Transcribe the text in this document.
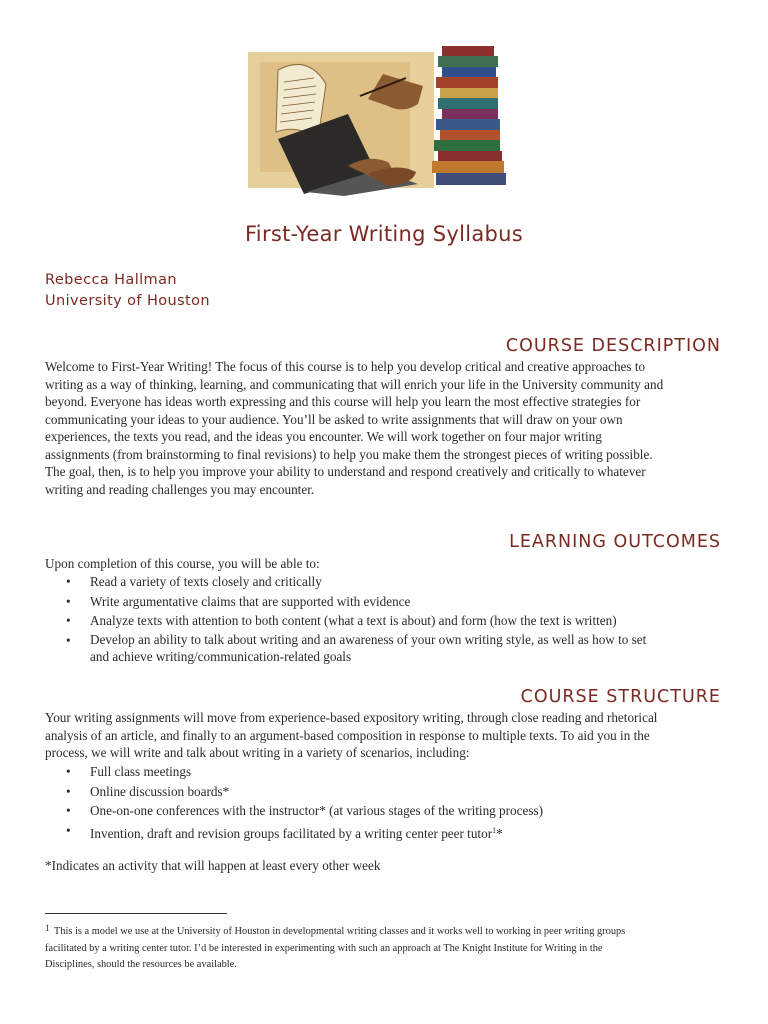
First-Year Writing Syllabus
Rebecca Hallman
University of Houston
COURSE DESCRIPTION
Welcome to First-Year Writing! The focus of this course is to help you develop critical and creative approaches to
writing as a way of thinking, learning, and communicating that will enrich your life in the University community and
beyond. Everyone has ideas worth expressing and this course will help you learn the most effective strategies for
communicating your ideas to your audience. You’ll be asked to write assignments that will draw on your own
experiences, the texts you read, and the ideas you encounter. We will work together on four major writing
assignments (from brainstorming to final revisions) to help you make them the strongest pieces of writing possible.
The goal, then, is to help you improve your ability to understand and respond creatively and critically to whatever
writing and reading challenges you may encounter.
LEARNING OUTCOMES
Upon completion of this course, you will be able to:
• Read a variety of texts closely and critically
• Write argumentative claims that are supported with evidence
• Analyze texts with attention to both content (what a text is about) and form (how the text is written)
• Develop an ability to talk about writing and an awareness of your own writing style, as well as how to set
and achieve writing/communication-related goals
COURSE STRUCTURE
Your writing assignments will move from experience-based expository writing, through close reading and rhetorical
analysis of an article, and finally to an argument-based composition in response to multiple texts. To aid you in the
process, we will write and talk about writing in a variety of scenarios, including:
• Full class meetings
• Online discussion boards*
• One-on-one conferences with the instructor* (at various stages of the writing process)
• Invention, draft and revision groups facilitated by a writing center peer tutor$^1$*
*Indicates an activity that will happen at least every other week
$^1$ This is a model we use at the University of Houston in developmental writing classes and it works well to working in peer writing groups
facilitated by a writing center tutor. I’d be interested in experimenting with such an approach at The Knight Institute for Writing in the
Disciplines, should the resources be available.
